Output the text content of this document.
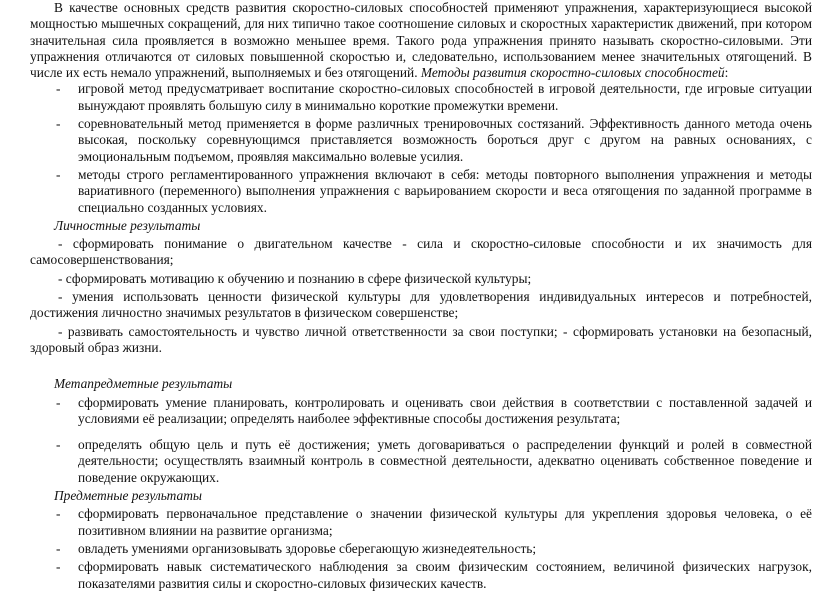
В качестве основных средств развития скоростно-силовых способностей применяют упражнения, характеризующиеся высокой мощностью мышечных сокращений, для них типично такое соотношение силовых и скоростных характеристик движений, при котором значительная сила проявляется в возможно меньшее время. Такого рода упражнения принято называть скоростно-силовыми. Эти упражнения отличаются от силовых повышенной скоростью и, следовательно, использованием менее значительных отягощений. В числе их есть немало упражнений, выполняемых и без отягощений. Методы развития скоростно-силовых способностей:

- игровой метод предусматривает воспитание скоростно-силовых способностей в игровой деятельности, где игровые ситуации вынуждают проявлять большую силу в минимально короткие промежутки времени.
- соревновательный метод применяется в форме различных тренировочных состязаний. Эффективность данного метода очень высокая, поскольку соревнующимся приставляется возможность бороться друг с другом на равных основаниях, с эмоциональным подъемом, проявляя максимально волевые усилия.
- методы строго регламентированного упражнения включают в себя: методы повторного выполнения упражнения и методы вариативного (переменного) выполнения упражнения с варьированием скорости и веса отягощения по заданной программе в специально созданных условиях.

Личностные результаты

- сформировать понимание о двигательном качестве - сила и скоростно-силовые способности и их значимость для самосовершенствования;

- сформировать мотивацию к обучению и познанию в сфере физической культуры;

- умения использовать ценности физической культуры для удовлетворения индивидуальных интересов и потребностей, достижения личностно значимых результатов в физическом совершенстве;

- развивать самостоятельность и чувство личной ответственности за свои поступки; - сформировать установки на безопасный, здоровый образ жизни.

Метапредметные результаты

- сформировать умение планировать, контролировать и оценивать свои действия в соответствии с поставленной задачей и условиями её реализации; определять наиболее эффективные способы достижения результата;
- определять общую цель и путь её достижения; уметь договариваться о распределении функций и ролей в совместной деятельности; осуществлять взаимный контроль в совместной деятельности, адекватно оценивать собственное поведение и поведение окружающих.

Предметные результаты

- сформировать первоначальное представление о значении физической культуры для укрепления здоровья человека, о её позитивном влиянии на развитие организма;
- овладеть умениями организовывать здоровье сберегающую жизнедеятельность;
- сформировать навык систематического наблюдения за своим физическим состоянием, величиной физических нагрузок, показателями развития силы и скоростно-силовых физических качеств.
